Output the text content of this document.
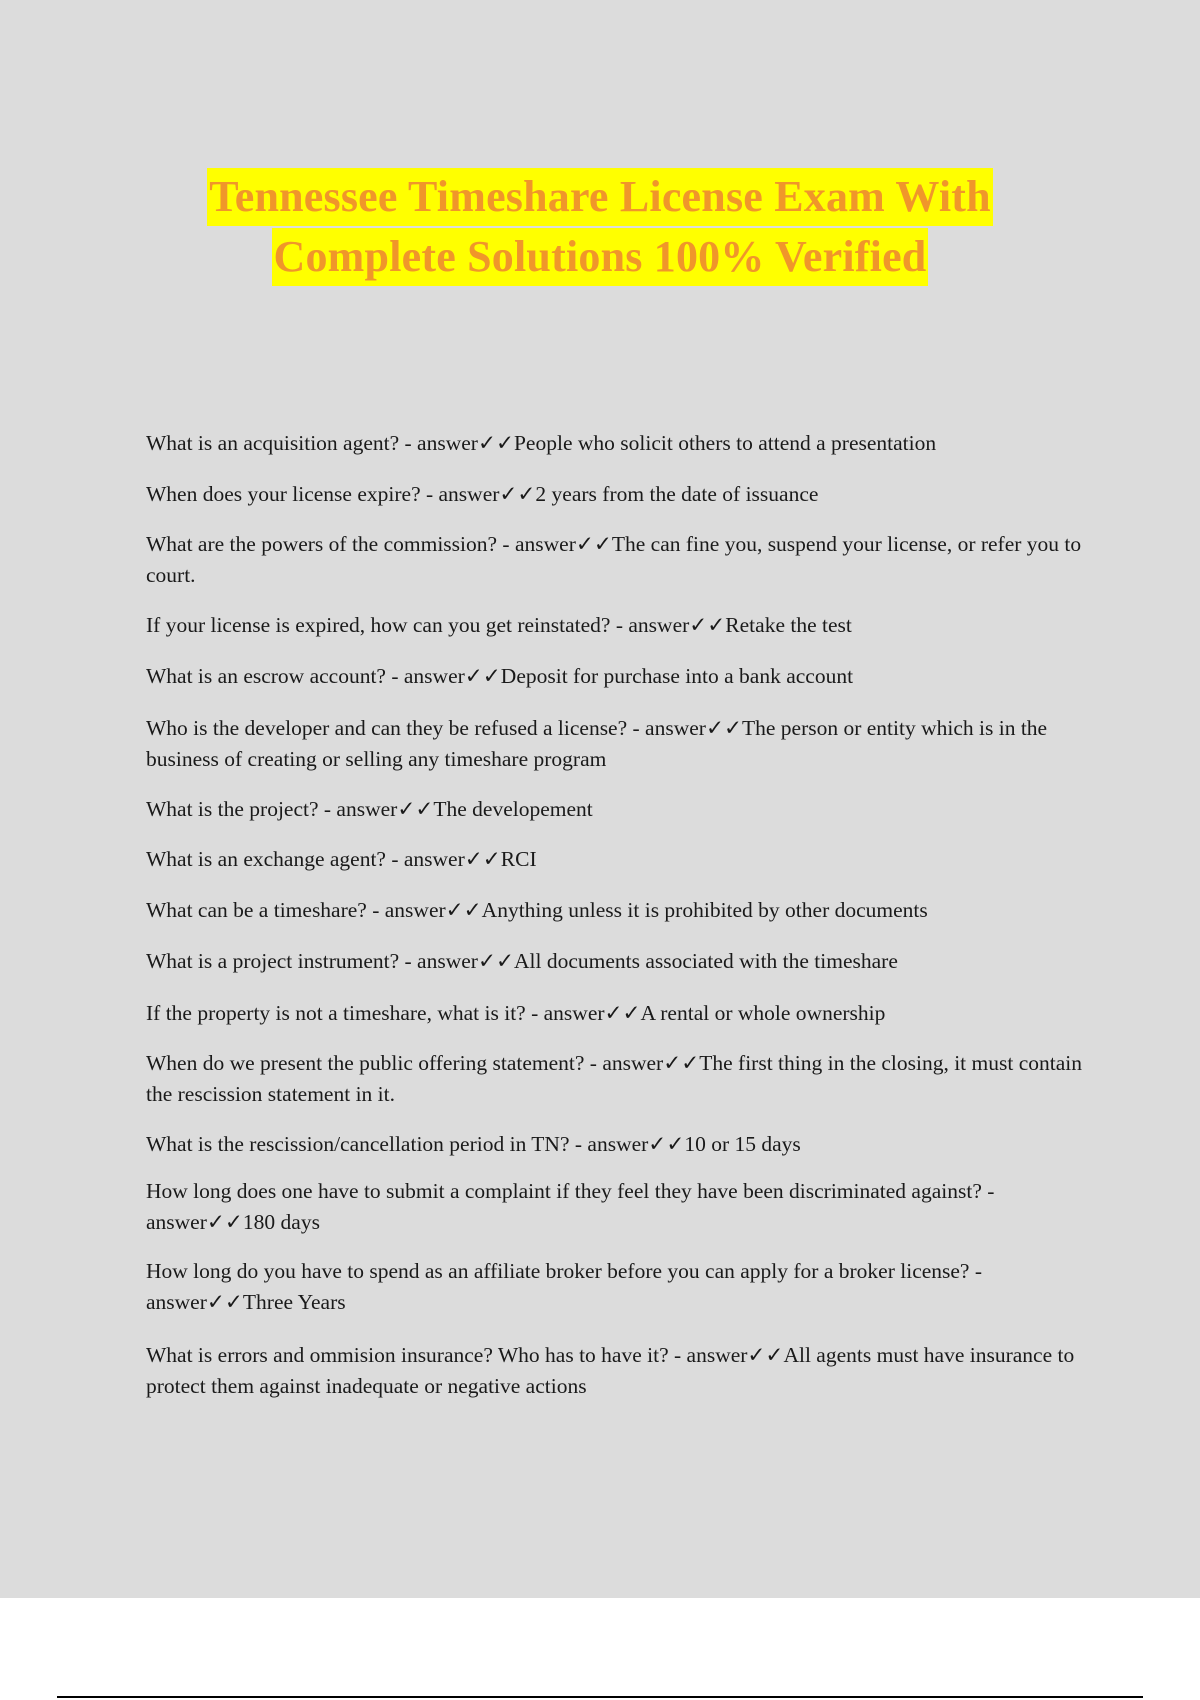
Tennessee Timeshare License Exam With
Complete Solutions 100% Verified
What is an acquisition agent? - answer✓✓People who solicit others to attend a presentation
When does your license expire? - answer✓✓2 years from the date of issuance
What are the powers of the commission? - answer✓✓The can fine you, suspend your license, or refer you to court.
If your license is expired, how can you get reinstated? - answer✓✓Retake the test
What is an escrow account? - answer✓✓Deposit for purchase into a bank account
Who is the developer and can they be refused a license? - answer✓✓The person or entity which is in the business of creating or selling any timeshare program
What is the project? - answer✓✓The developement
What is an exchange agent? - answer✓✓RCI
What can be a timeshare? - answer✓✓Anything unless it is prohibited by other documents
What is a project instrument? - answer✓✓All documents associated with the timeshare
If the property is not a timeshare, what is it? - answer✓✓A rental or whole ownership
When do we present the public offering statement? - answer✓✓The first thing in the closing, it must contain the rescission statement in it.
What is the rescission/cancellation period in TN? - answer✓✓10 or 15 days
How long does one have to submit a complaint if they feel they have been discriminated against? - answer✓✓180 days
How long do you have to spend as an affiliate broker before you can apply for a broker license? - answer✓✓Three Years
What is errors and ommision insurance? Who has to have it? - answer✓✓All agents must have insurance to protect them against inadequate or negative actions
